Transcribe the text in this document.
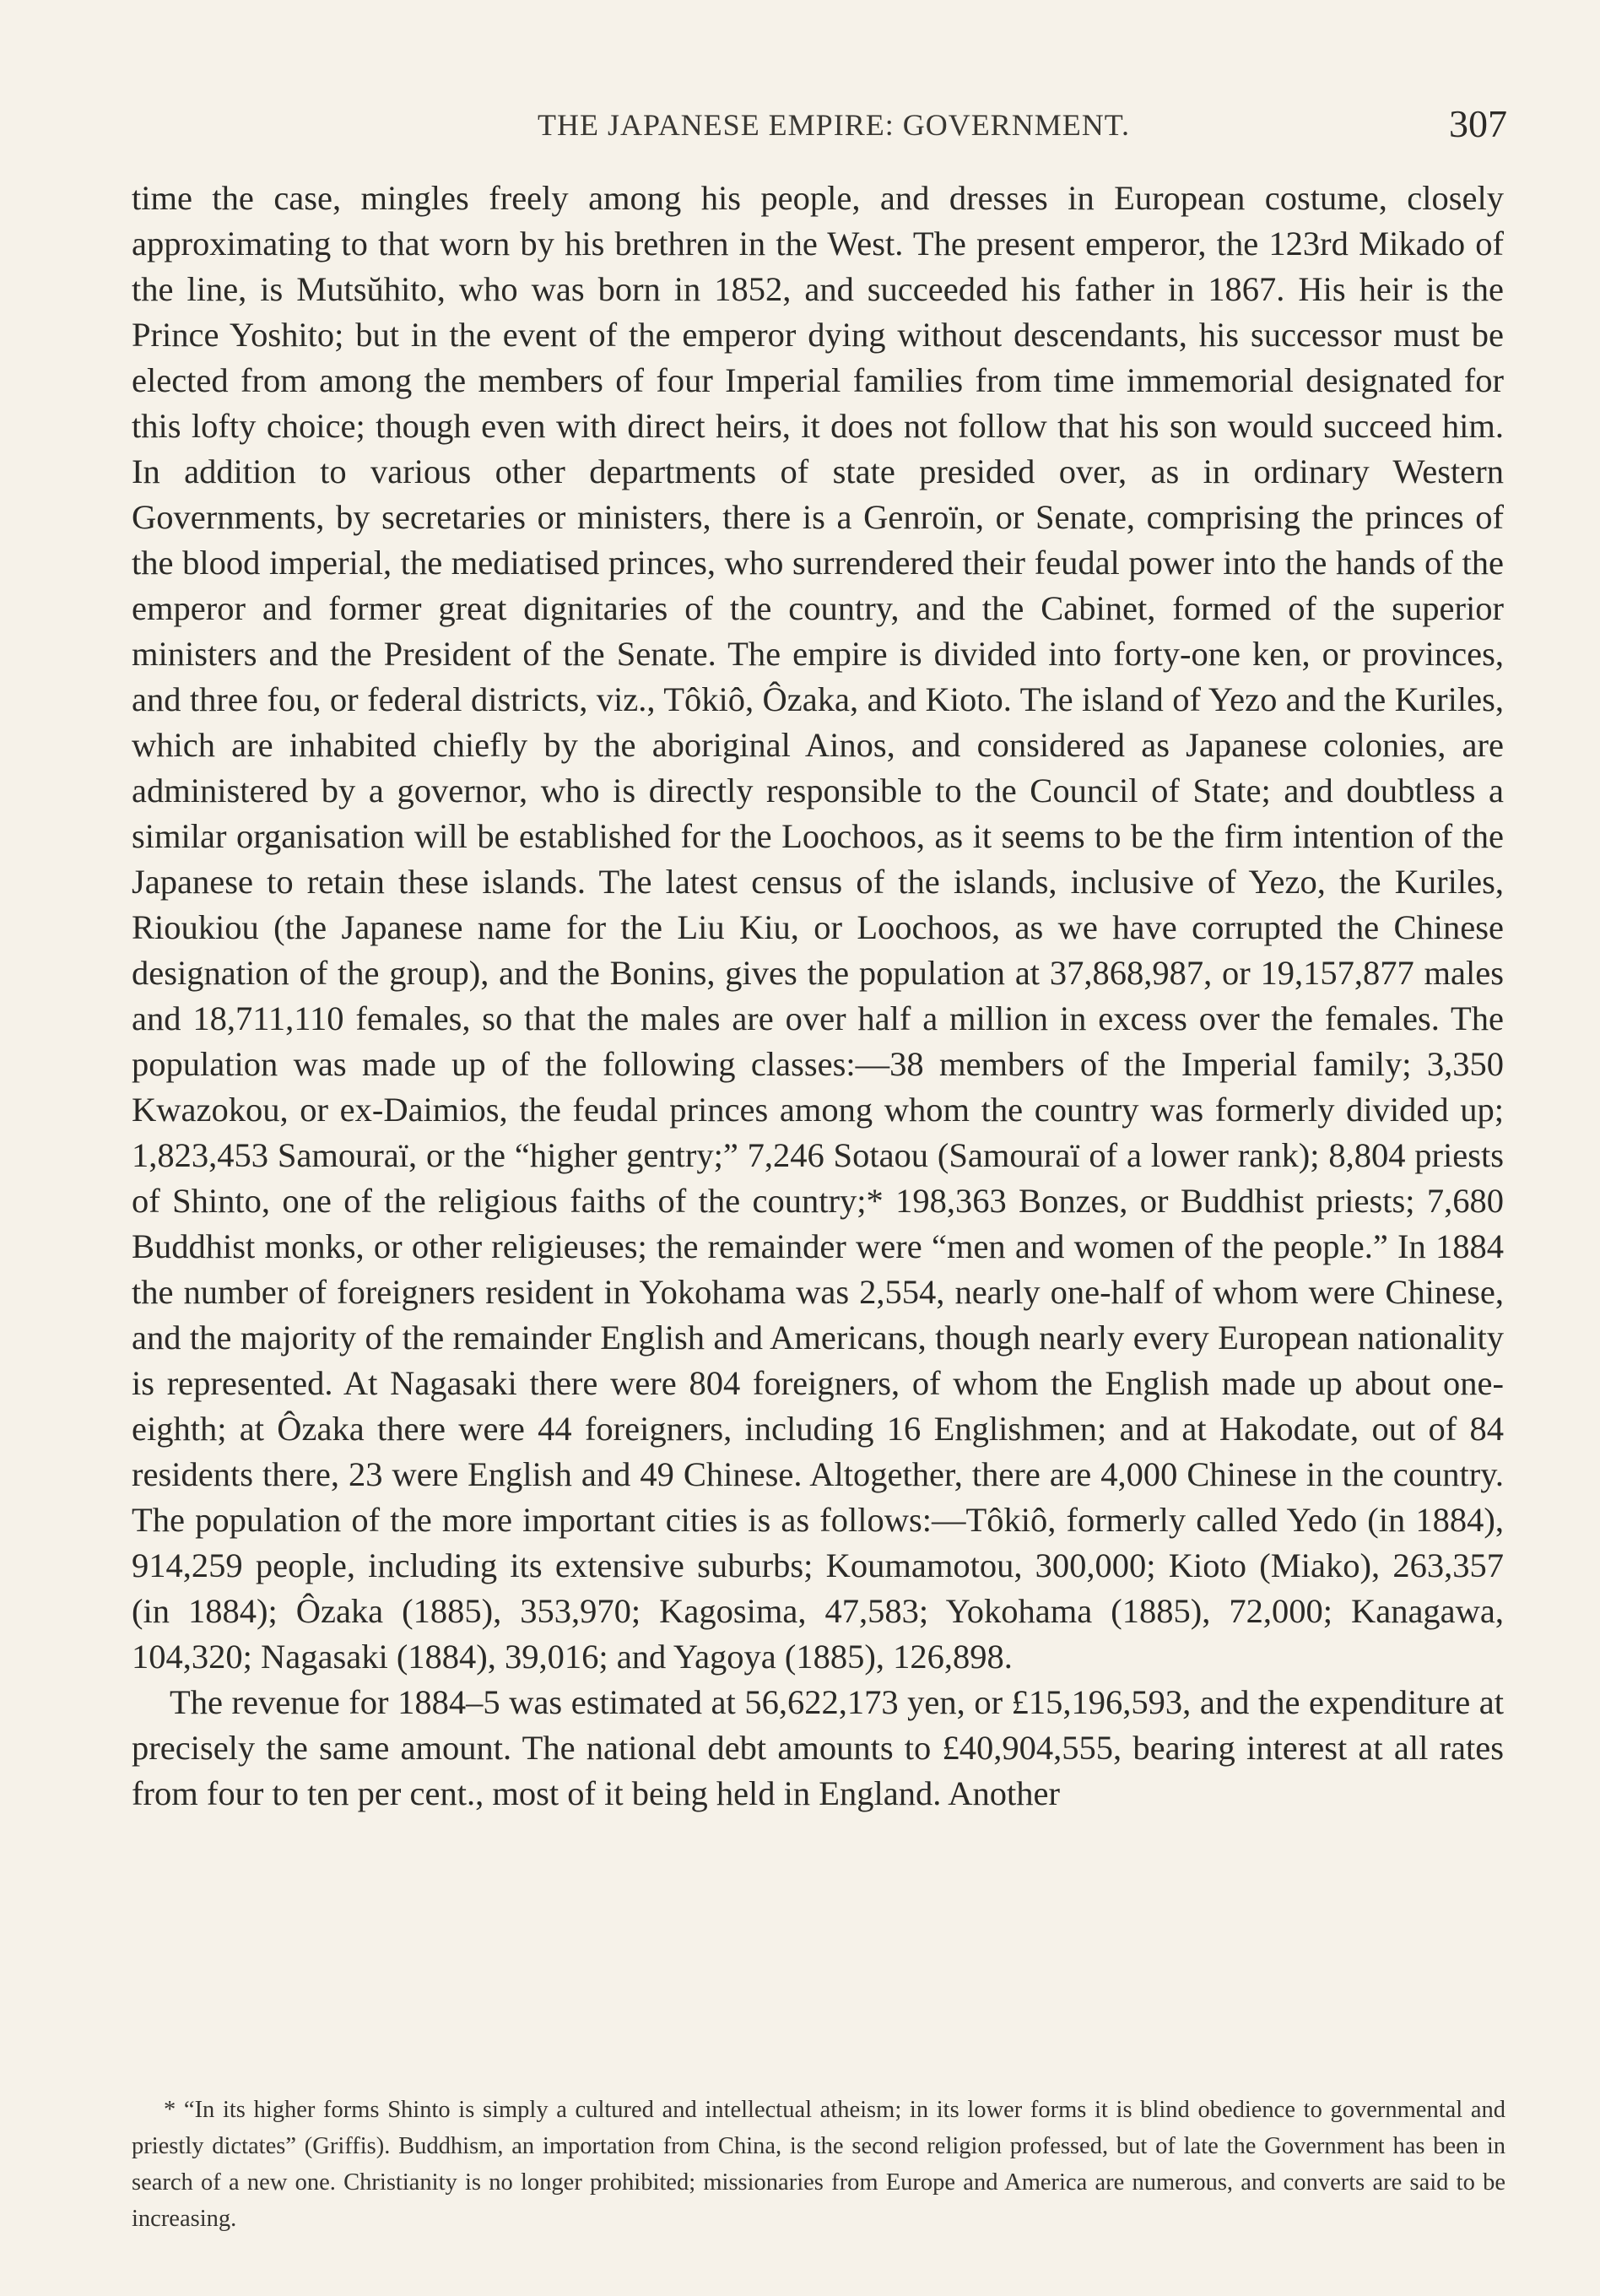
THE JAPANESE EMPIRE: GOVERNMENT.	307

time the case, mingles freely among his people, and dresses in European costume, closely approximating to that worn by his brethren in the West. The present emperor, the 123rd Mikado of the line, is Mutsŭhito, who was born in 1852, and succeeded his father in 1867. His heir is the Prince Yoshito; but in the event of the emperor dying without descendants, his successor must be elected from among the members of four Imperial families from time immemorial designated for this lofty choice; though even with direct heirs, it does not follow that his son would succeed him. In addition to various other departments of state presided over, as in ordinary Western Governments, by secretaries or ministers, there is a Genroïn, or Senate, comprising the princes of the blood imperial, the mediatised princes, who surrendered their feudal power into the hands of the emperor and former great dignitaries of the country, and the Cabinet, formed of the superior ministers and the President of the Senate. The empire is divided into forty-one ken, or provinces, and three fou, or federal districts, viz., Tôkiô, Ôzaka, and Kioto. The island of Yezo and the Kuriles, which are inhabited chiefly by the aboriginal Ainos, and considered as Japanese colonies, are administered by a governor, who is directly responsible to the Council of State; and doubtless a similar organisation will be established for the Loochoos, as it seems to be the firm intention of the Japanese to retain these islands. The latest census of the islands, inclusive of Yezo, the Kuriles, Rioukiou (the Japanese name for the Liu Kiu, or Loochoos, as we have corrupted the Chinese designation of the group), and the Bonins, gives the population at 37,868,987, or 19,157,877 males and 18,711,110 females, so that the males are over half a million in excess over the females. The population was made up of the following classes:—38 members of the Imperial family; 3,350 Kwazokou, or ex-Daimios, the feudal princes among whom the country was formerly divided up; 1,823,453 Samouraï, or the “higher gentry;” 7,246 Sotaou (Samouraï of a lower rank); 8,804 priests of Shinto, one of the religious faiths of the country;* 198,363 Bonzes, or Buddhist priests; 7,680 Buddhist monks, or other religieuses; the remainder were “men and women of the people.” In 1884 the number of foreigners resident in Yokohama was 2,554, nearly one-half of whom were Chinese, and the majority of the remainder English and Americans, though nearly every European nationality is represented. At Nagasaki there were 804 foreigners, of whom the English made up about one-eighth; at Ôzaka there were 44 foreigners, including 16 Englishmen; and at Hakodate, out of 84 residents there, 23 were English and 49 Chinese. Altogether, there are 4,000 Chinese in the country. The population of the more important cities is as follows:—Tôkiô, formerly called Yedo (in 1884), 914,259 people, including its extensive suburbs; Koumamotou, 300,000; Kioto (Miako), 263,357 (in 1884); Ôzaka (1885), 353,970; Kagosima, 47,583; Yokohama (1885), 72,000; Kanagawa, 104,320; Nagasaki (1884), 39,016; and Yagoya (1885), 126,898.

The revenue for 1884–5 was estimated at 56,622,173 yen, or £15,196,593, and the expenditure at precisely the same amount. The national debt amounts to £40,904,555, bearing interest at all rates from four to ten per cent., most of it being held in England. Another

* “In its higher forms Shinto is simply a cultured and intellectual atheism; in its lower forms it is blind obedience to governmental and priestly dictates” (Griffis). Buddhism, an importation from China, is the second religion professed, but of late the Government has been in search of a new one. Christianity is no longer prohibited; missionaries from Europe and America are numerous, and converts are said to be increasing.
